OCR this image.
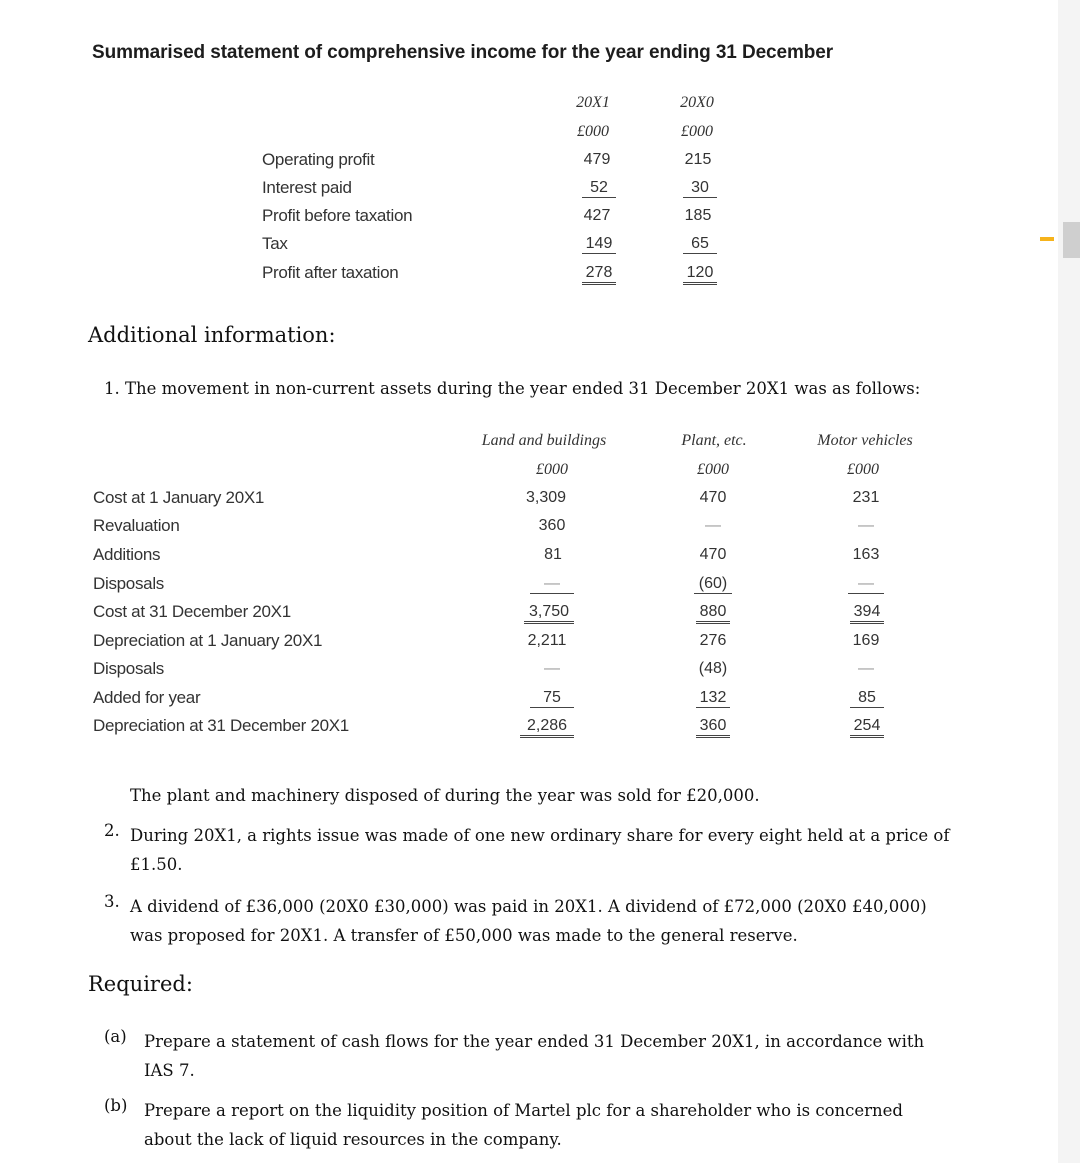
Summarised statement of comprehensive income for the year ending 31 December
20X1	20X0
£000	£000
Operating profit	479	215
Interest paid	52	30
Profit before taxation	427	185
Tax	149	65
Profit after taxation	278	120
Additional information:
1. The movement in non-current assets during the year ended 31 December 20X1 was as follows:
Land and buildings	Plant, etc.	Motor vehicles
£000	£000	£000
Cost at 1 January 20X1	3,309	470	231
Revaluation	360	—	—
Additions	81	470	163
Disposals	—	(60)	—
Cost at 31 December 20X1	3,750	880	394
Depreciation at 1 January 20X1	2,211	276	169
Disposals	—	(48)	—
Added for year	75	132	85
Depreciation at 31 December 20X1	2,286	360	254
The plant and machinery disposed of during the year was sold for £20,000.
2. During 20X1, a rights issue was made of one new ordinary share for every eight held at a price of £1.50.
3. A dividend of £36,000 (20X0 £30,000) was paid in 20X1. A dividend of £72,000 (20X0 £40,000) was proposed for 20X1. A transfer of £50,000 was made to the general reserve.
Required:
(a) Prepare a statement of cash flows for the year ended 31 December 20X1, in accordance with IAS 7.
(b) Prepare a report on the liquidity position of Martel plc for a shareholder who is concerned about the lack of liquid resources in the company.
